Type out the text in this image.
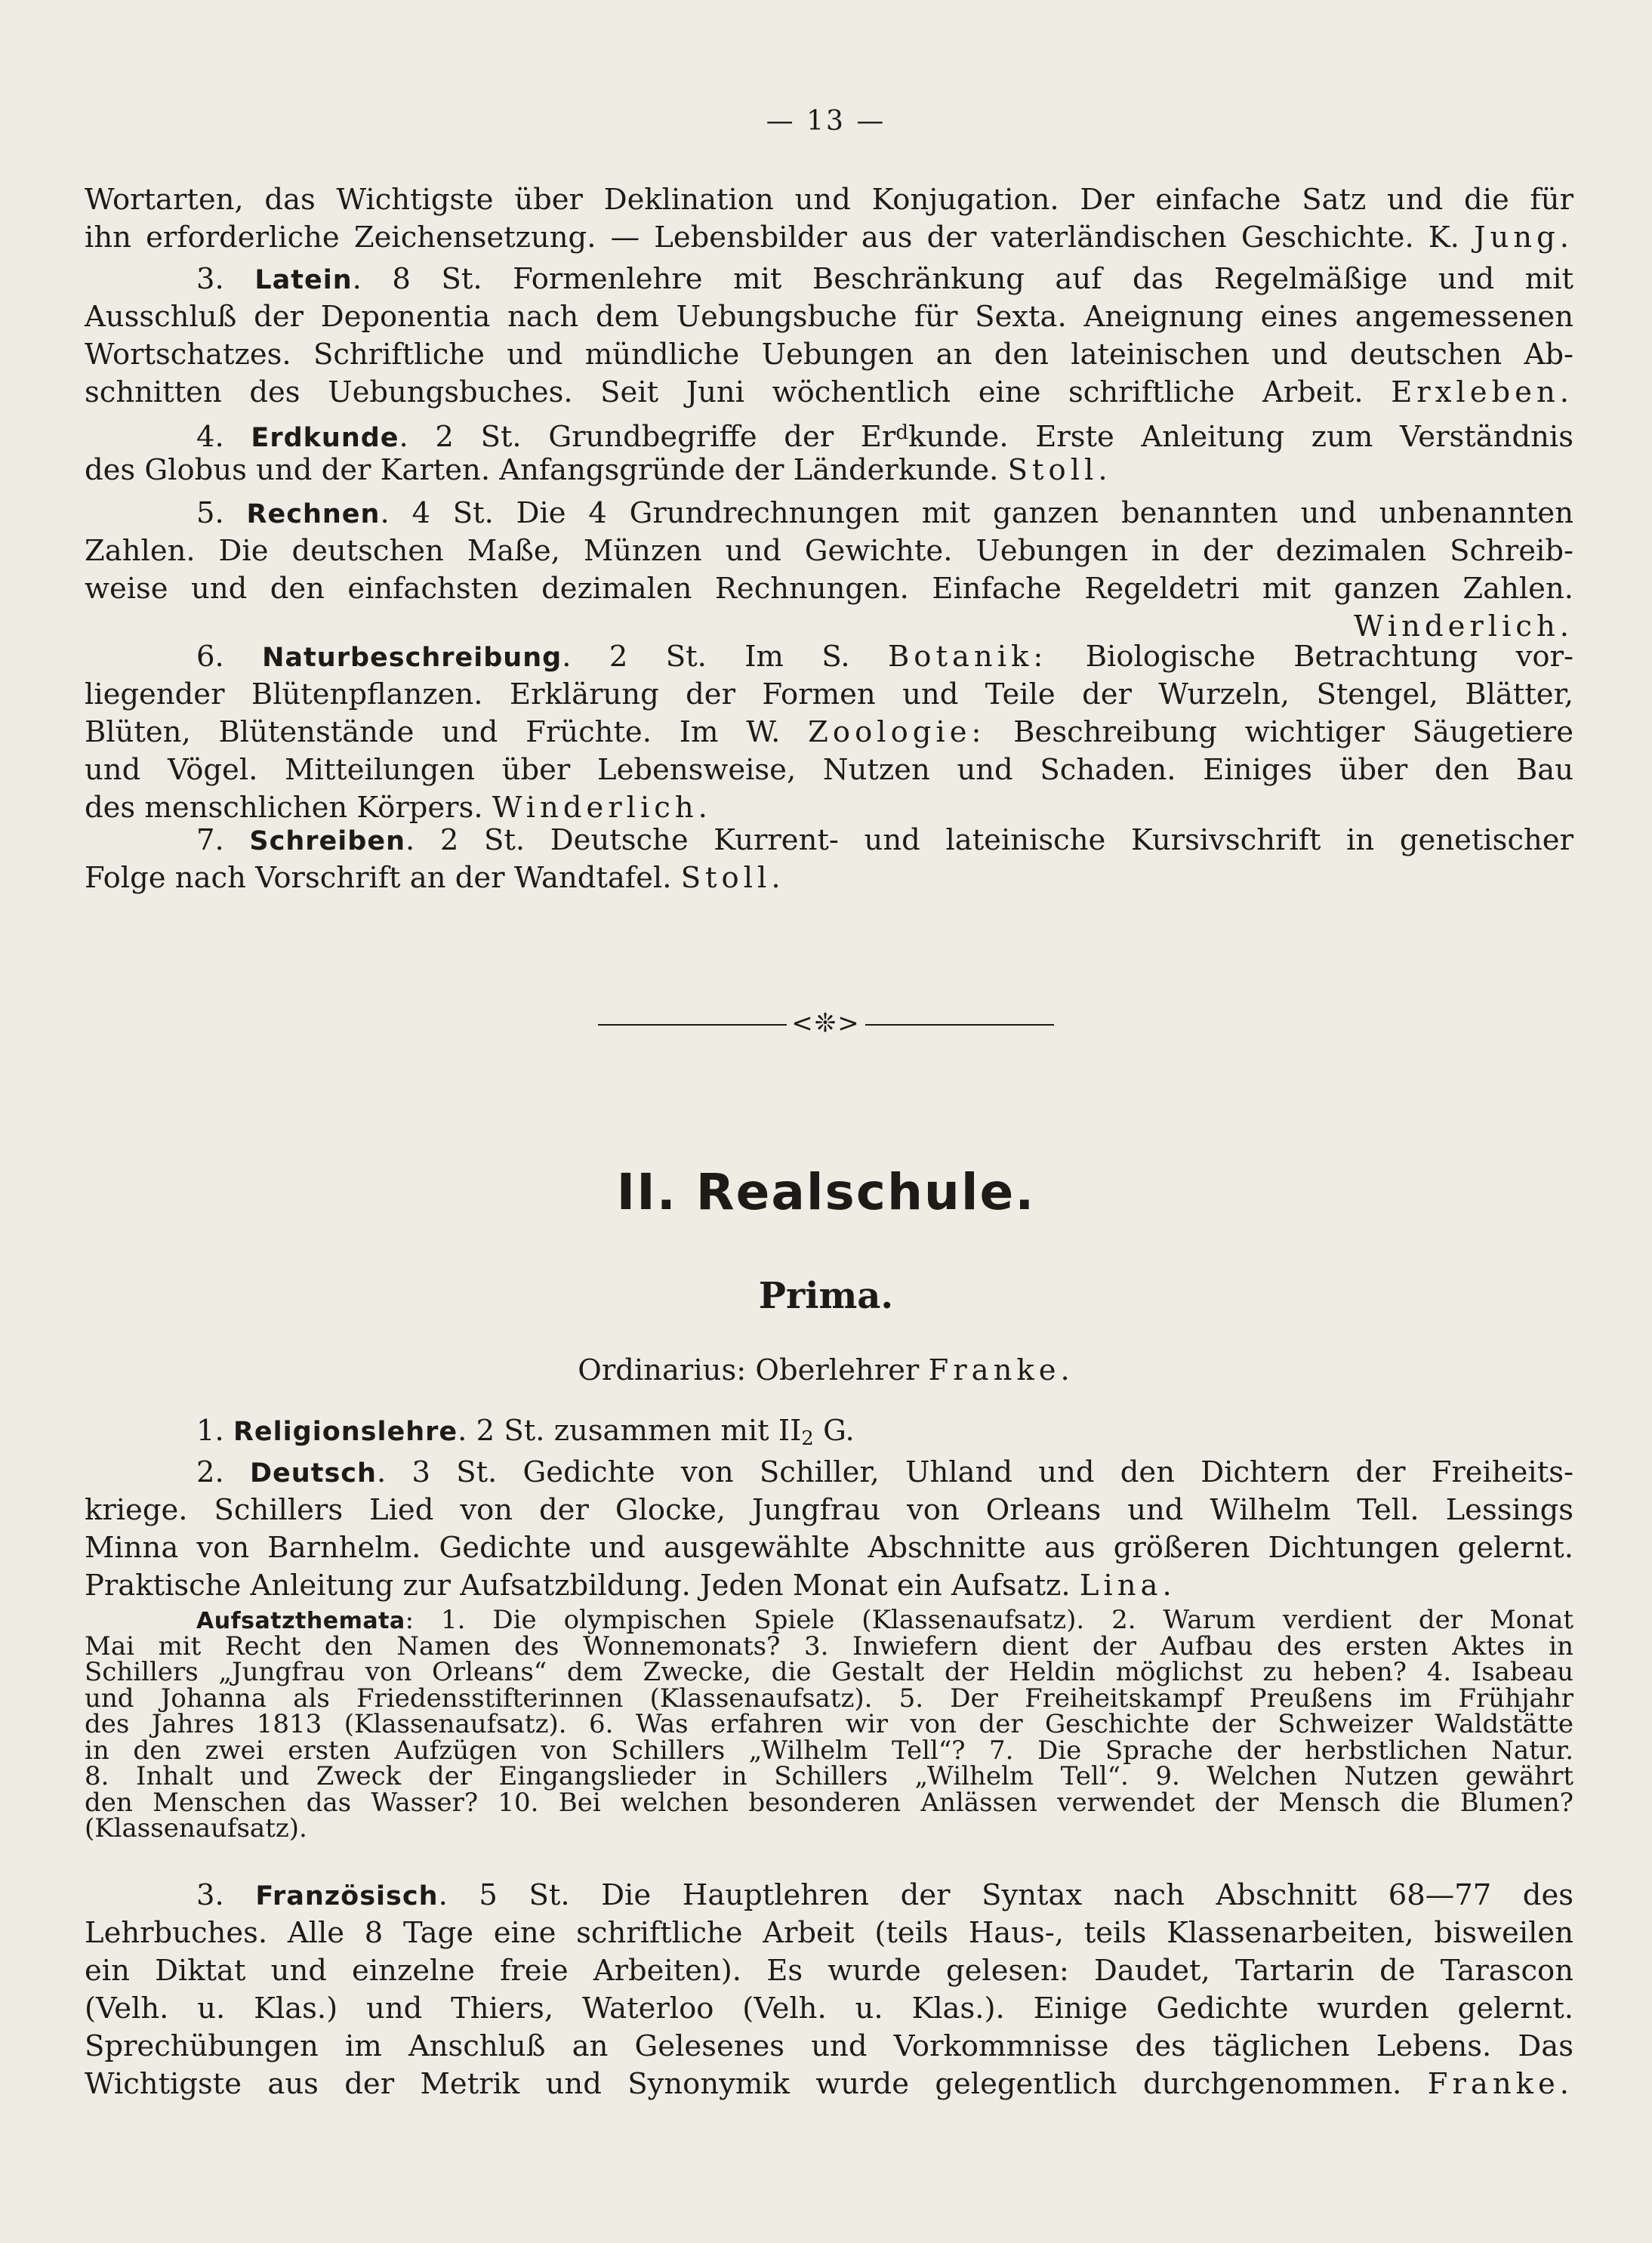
— 13 —
Wortarten, das Wichtigste über Deklination und Konjugation. Der einfache Satz und die für
ihn erforderliche Zeichensetzung. — Lebensbilder aus der vaterländischen Geschichte. K. Jung.
3. Latein. 8 St. Formenlehre mit Beschränkung auf das Regelmäßige und mit
Ausschluß der Deponentia nach dem Uebungsbuche für Sexta. Aneignung eines angemessenen
Wortschatzes. Schriftliche und mündliche Uebungen an den lateinischen und deutschen Ab-
schnitten des Uebungsbuches. Seit Juni wöchentlich eine schriftliche Arbeit. Erxleben.
4. Erdkunde. 2 St. Grundbegriffe der Er$^d$kunde. Erste Anleitung zum Verständnis
des Globus und der Karten. Anfangsgründe der Länderkunde. Stoll.
5. Rechnen. 4 St. Die 4 Grundrechnungen mit ganzen benannten und unbenannten
Zahlen. Die deutschen Maße, Münzen und Gewichte. Uebungen in der dezimalen Schreib-
weise und den einfachsten dezimalen Rechnungen. Einfache Regeldetri mit ganzen Zahlen.
Winderlich.
6. Naturbeschreibung. 2 St. Im S. Botanik: Biologische Betrachtung vor-
liegender Blütenpflanzen. Erklärung der Formen und Teile der Wurzeln, Stengel, Blätter,
Blüten, Blütenstände und Früchte. Im W. Zoologie: Beschreibung wichtiger Säugetiere
und Vögel. Mitteilungen über Lebensweise, Nutzen und Schaden. Einiges über den Bau
des menschlichen Körpers. Winderlich.
7. Schreiben. 2 St. Deutsche Kurrent- und lateinische Kursivschrift in genetischer
Folge nach Vorschrift an der Wandtafel. Stoll.
<❊>
II. Realschule.
Prima.
Ordinarius: Oberlehrer Franke.
1. Religionslehre. 2 St. zusammen mit $II_2$ G.
2. Deutsch. 3 St. Gedichte von Schiller, Uhland und den Dichtern der Freiheits-
kriege. Schillers Lied von der Glocke, Jungfrau von Orleans und Wilhelm Tell. Lessings
Minna von Barnhelm. Gedichte und ausgewählte Abschnitte aus größeren Dichtungen gelernt.
Praktische Anleitung zur Aufsatzbildung. Jeden Monat ein Aufsatz. Lina.
Aufsatzthemata: 1. Die olympischen Spiele (Klassenaufsatz). 2. Warum verdient der Monat
Mai mit Recht den Namen des Wonnemonats? 3. Inwiefern dient der Aufbau des ersten Aktes in
Schillers „Jungfrau von Orleans“ dem Zwecke, die Gestalt der Heldin möglichst zu heben? 4. Isabeau
und Johanna als Friedensstifterinnen (Klassenaufsatz). 5. Der Freiheitskampf Preußens im Frühjahr
des Jahres 1813 (Klassenaufsatz). 6. Was erfahren wir von der Geschichte der Schweizer Waldstätte
in den zwei ersten Aufzügen von Schillers „Wilhelm Tell“? 7. Die Sprache der herbstlichen Natur.
8. Inhalt und Zweck der Eingangslieder in Schillers „Wilhelm Tell“. 9. Welchen Nutzen gewährt
den Menschen das Wasser? 10. Bei welchen besonderen Anlässen verwendet der Mensch die Blumen?
(Klassenaufsatz).
3. Französisch. 5 St. Die Hauptlehren der Syntax nach Abschnitt 68—77 des
Lehrbuches. Alle 8 Tage eine schriftliche Arbeit (teils Haus-, teils Klassenarbeiten, bisweilen
ein Diktat und einzelne freie Arbeiten). Es wurde gelesen: Daudet, Tartarin de Tarascon
(Velh. u. Klas.) und Thiers, Waterloo (Velh. u. Klas.). Einige Gedichte wurden gelernt.
Sprechübungen im Anschluß an Gelesenes und Vorkommnisse des täglichen Lebens. Das
Wichtigste aus der Metrik und Synonymik wurde gelegentlich durchgenommen. Franke.
